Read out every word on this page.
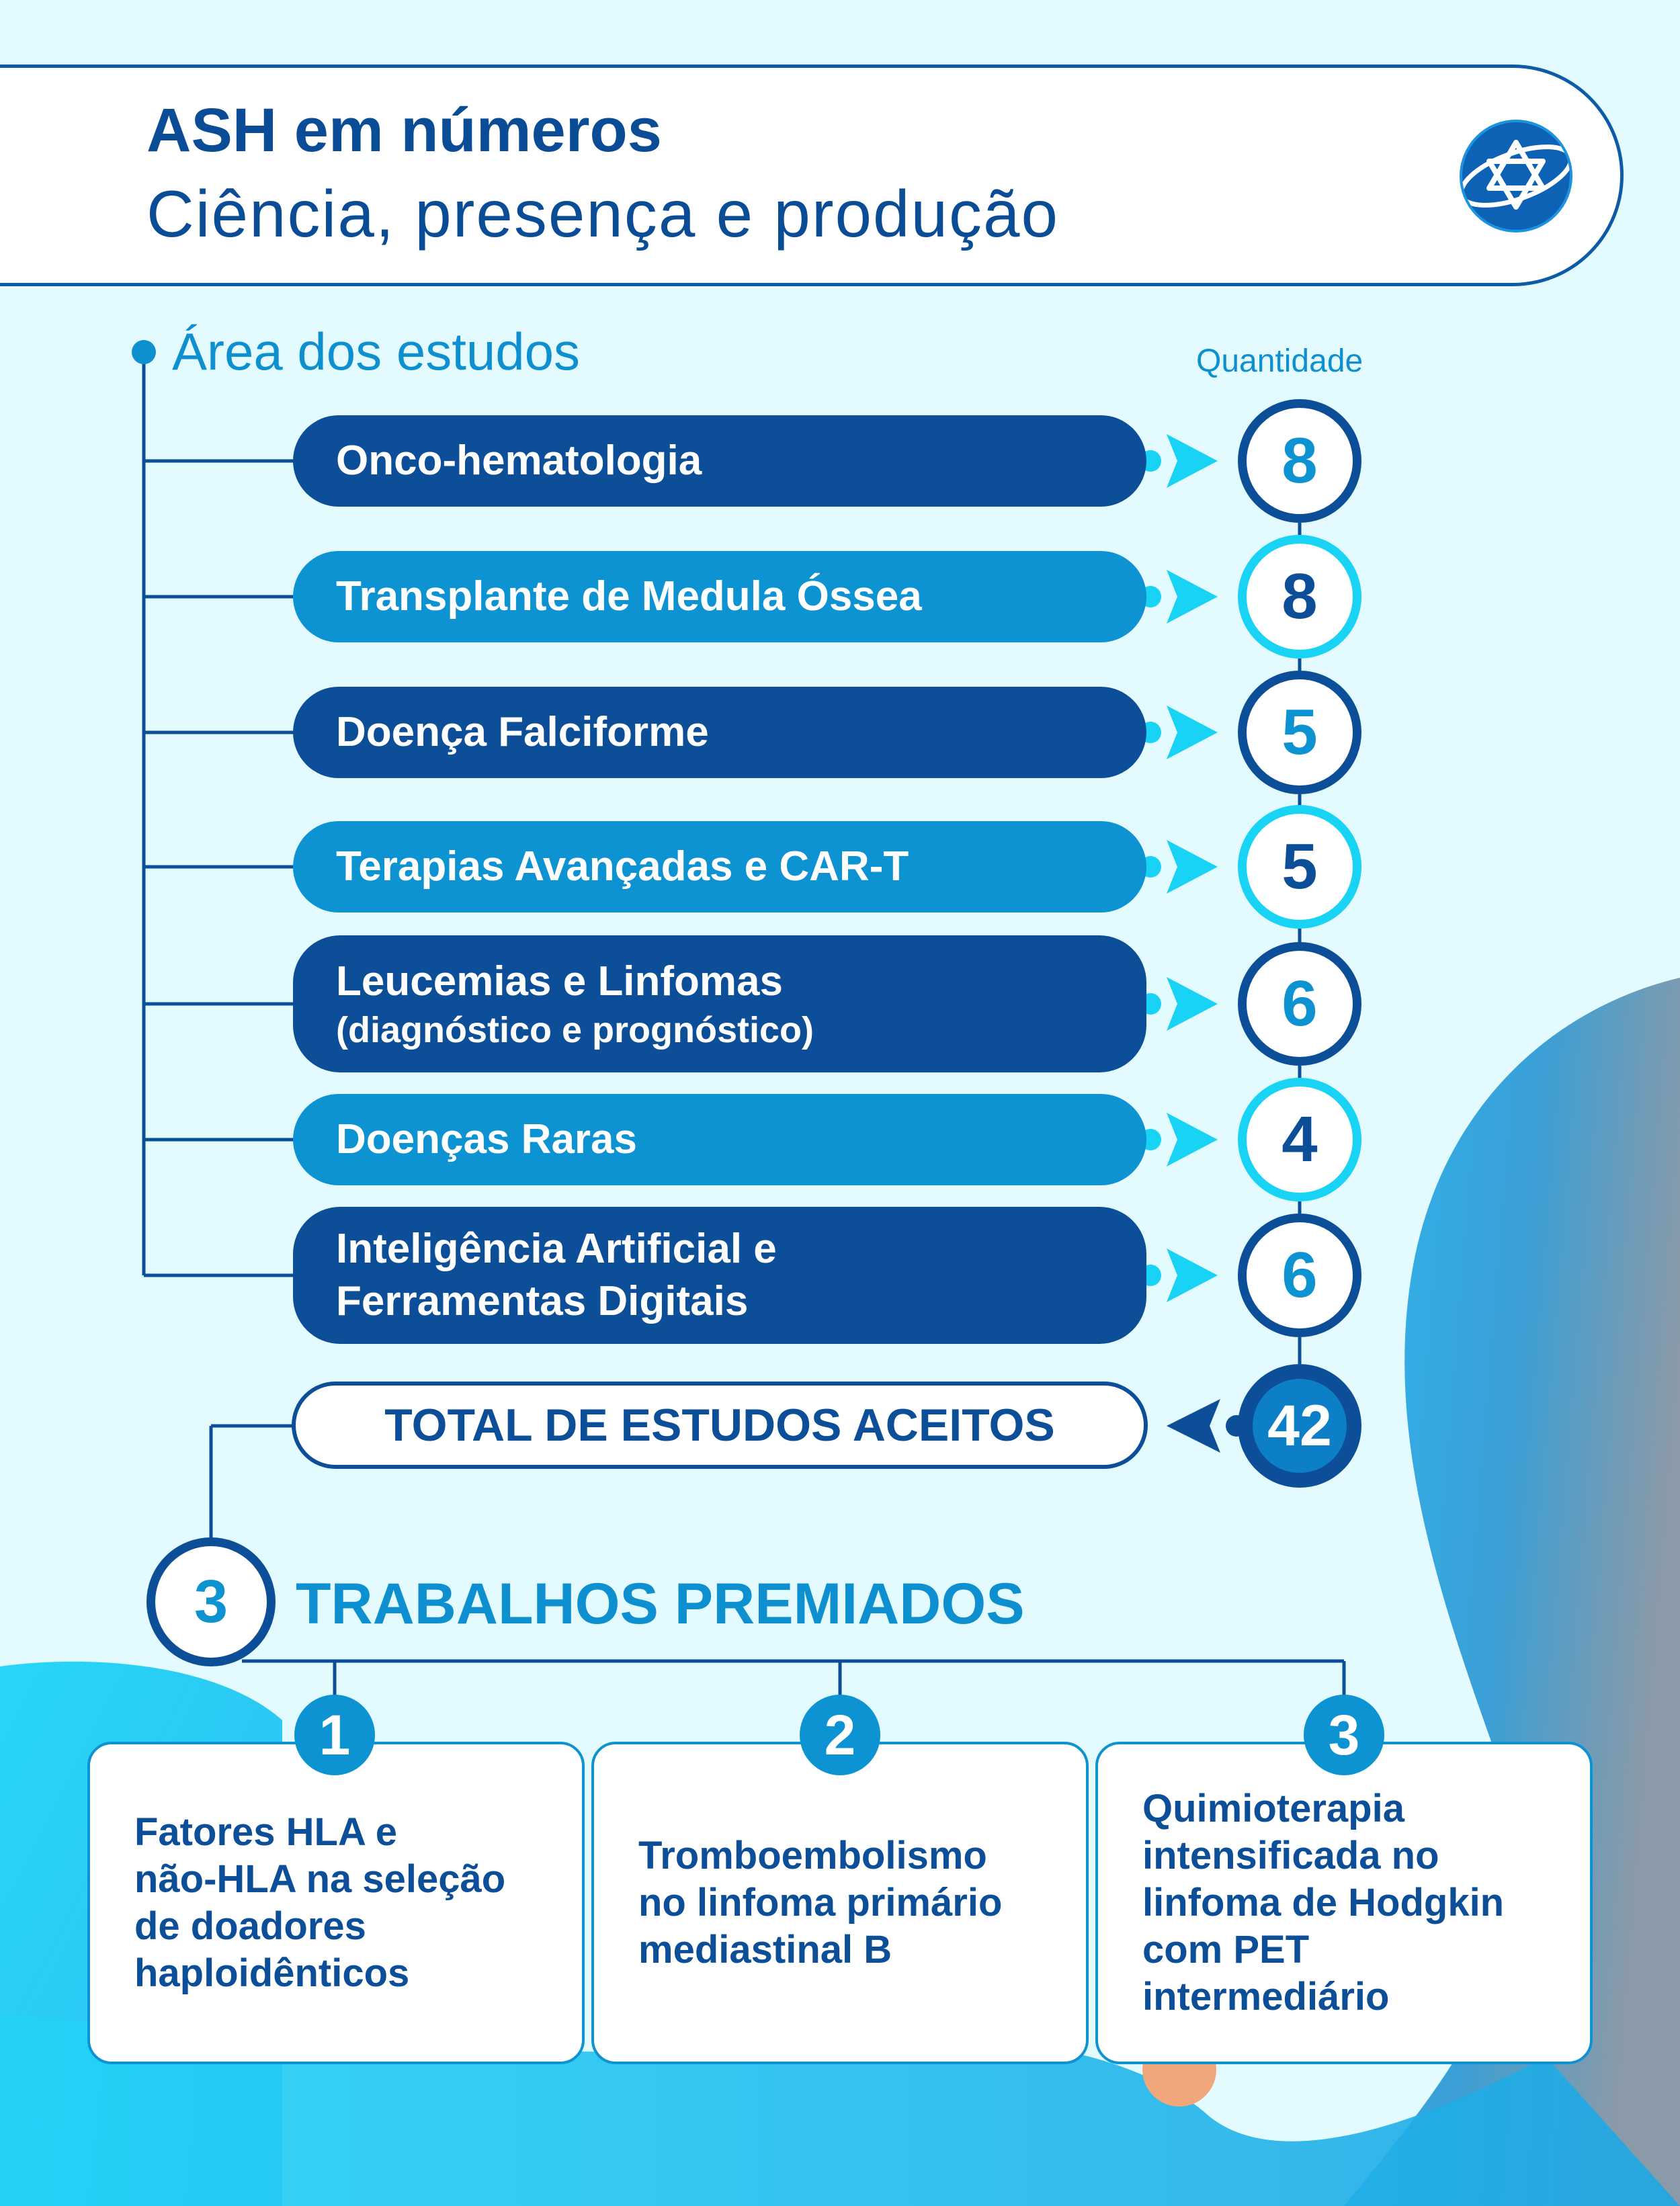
ASH em números
Ciência, presença e produção
Área dos estudos	Quantidade
Onco-hematologia	8
Transplante de Medula Óssea	8
Doença Falciforme	5
Terapias Avançadas e CAR-T	5
Leucemias e Linfomas
(diagnóstico e prognóstico)	6
Doenças Raras	4
Inteligência Artificial e
Ferramentas Digitais	6
TOTAL DE ESTUDOS ACEITOS	42
3	TRABALHOS PREMIADOS
Fatores HLA e
não-HLA na seleção
de doadores
haploidênticos
1
Tromboembolismo
no linfoma primário
mediastinal B
2
Quimioterapia
intensificada no
linfoma de Hodgkin
com PET
intermediário
3
